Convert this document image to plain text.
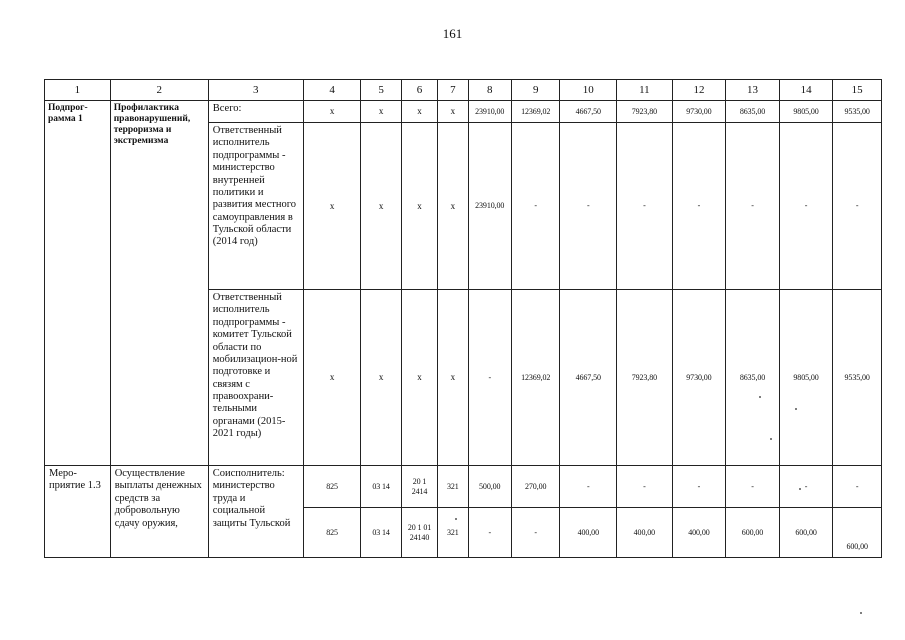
161
1	2	3	4	5	6	7	8	9	10	11	12	13	14	15
Подпрог-рамма 1	Профилактика правонарушений, терроризма и экстремизма	Всего:	x	x	x	x	23910,00	12369,02	4667,50	7923,80	9730,00	8635,00	9805,00	9535,00
		Ответственный исполнитель подпрограммы - министерство внутренней политики и развития местного самоуправления в Тульской области (2014 год)	x	x	x	x	23910,00	-	-	-	-	-	-	-
		Ответственный исполнитель подпрограммы - комитет Тульской области по мобилизацион-ной подготовке и связям с правоохрани-тельными органами (2015-2021 годы)	x	x	x	x	-	12369,02	4667,50	7923,80	9730,00	8635,00	9805,00	9535,00
Меро-приятие 1.3	Осуществление выплаты денежных средств за добровольную сдачу оружия,	Соисполнитель: министерство труда и социальной защиты Тульской	825	03 14	20 1 2414	321	500,00	270,00	-	-	-	-	-	-
			825	03 14	20 1 01 24140	321	-	-	400,00	400,00	400,00	600,00	600,00	600,00
